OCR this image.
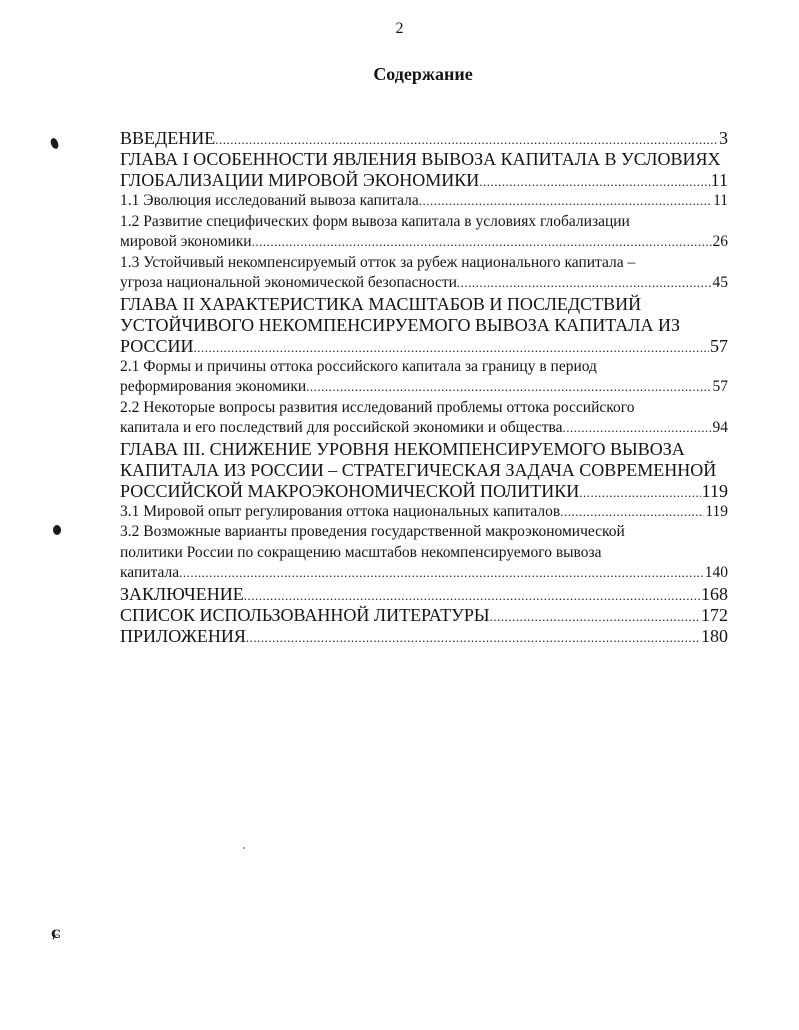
2
Содержание
ВВЕДЕНИЕ .....	3
ГЛАВА I ОСОБЕННОСТИ ЯВЛЕНИЯ ВЫВОЗА КАПИТАЛА В УСЛОВИЯХ
ГЛОБАЛИЗАЦИИ МИРОВОЙ ЭКОНОМИКИ .....	11
1.1 Эволюция исследований вывоза капитала .....	11
1.2 Развитие специфических форм вывоза капитала в условиях глобализации
мировой экономики .....	26
1.3 Устойчивый некомпенсируемый отток за рубеж национального капитала –
угроза национальной экономической безопасности .....	45
ГЛАВА II ХАРАКТЕРИСТИКА МАСШТАБОВ И ПОСЛЕДСТВИЙ
УСТОЙЧИВОГО НЕКОМПЕНСИРУЕМОГО ВЫВОЗА КАПИТАЛА ИЗ
РОССИИ .....	57
2.1 Формы и причины оттока российского капитала за границу в период
реформирования экономики .....	57
2.2 Некоторые вопросы развития исследований проблемы оттока российского
капитала и его последствий для российской экономики и общества .....	94
ГЛАВА III. СНИЖЕНИЕ УРОВНЯ НЕКОМПЕНСИРУЕМОГО ВЫВОЗА
КАПИТАЛА ИЗ РОССИИ – СТРАТЕГИЧЕСКАЯ ЗАДАЧА СОВРЕМЕННОЙ
РОССИЙСКОЙ МАКРОЭКОНОМИЧЕСКОЙ ПОЛИТИКИ .....	119
3.1 Мировой опыт регулирования оттока национальных капиталов .....	119
3.2 Возможные варианты проведения государственной макроэкономической
политики России по сокращению масштабов некомпенсируемого вывоза
капитала .....	140
ЗАКЛЮЧЕНИЕ .....	168
СПИСОК ИСПОЛЬЗОВАННОЙ ЛИТЕРАТУРЫ .....	172
ПРИЛОЖЕНИЯ .....	180
ɕ
